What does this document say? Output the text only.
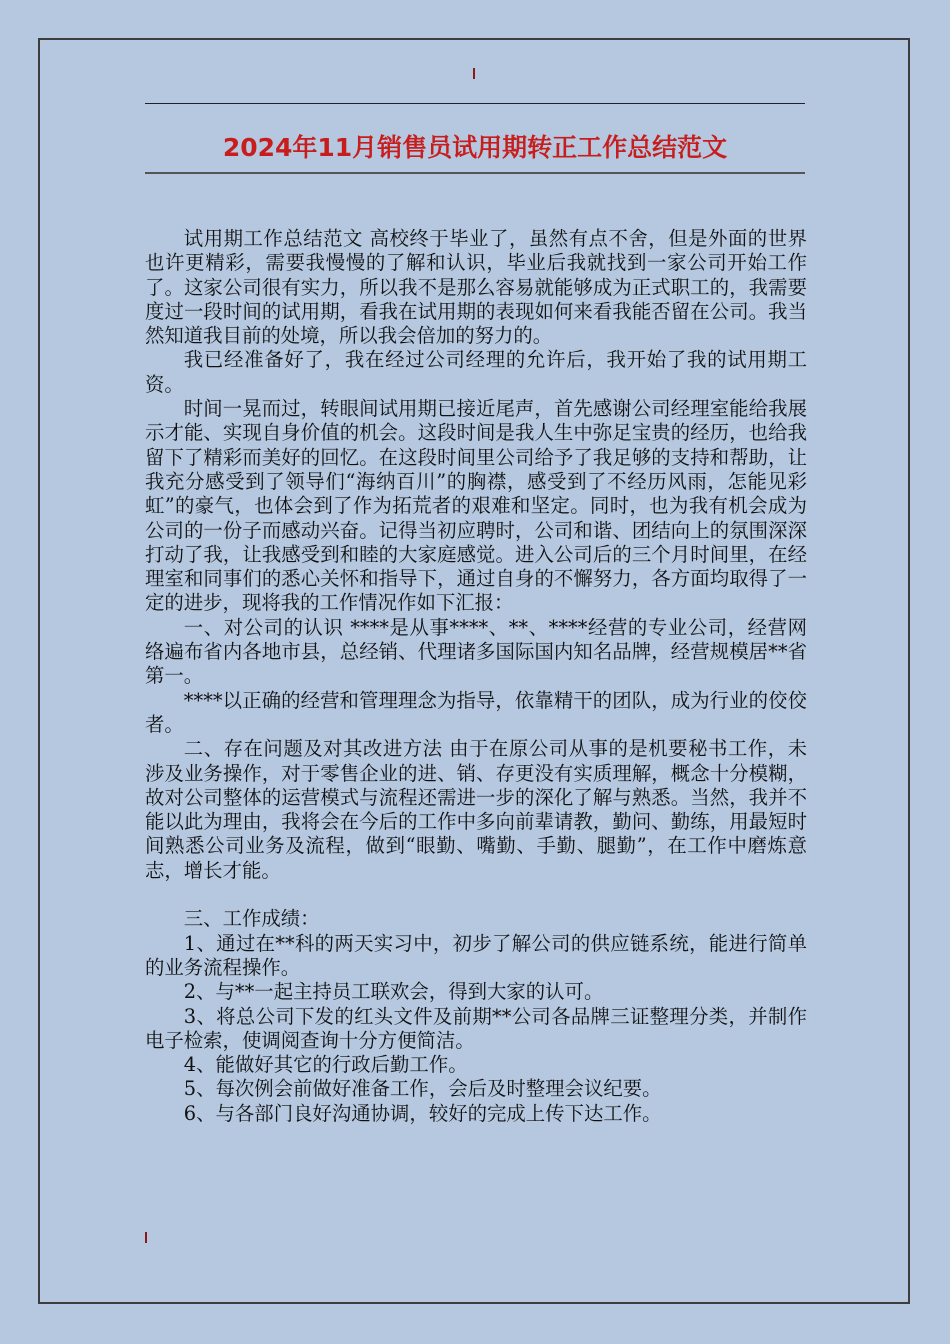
2024年11月销售员试用期转正工作总结范文

试用期工作总结范文 高校终于毕业了，虽然有点不舍，但是外面的世界也许更精彩，需要我慢慢的了解和认识，毕业后我就找到一家公司开始工作了。这家公司很有实力，所以我不是那么容易就能够成为正式职工的，我需要度过一段时间的试用期，看我在试用期的表现如何来看我能否留在公司。我当然知道我目前的处境，所以我会倍加的努力的。

我已经准备好了，我在经过公司经理的允许后，我开始了我的试用期工资。

时间一晃而过，转眼间试用期已接近尾声，首先感谢公司经理室能给我展示才能、实现自身价值的机会。这段时间是我人生中弥足宝贵的经历，也给我留下了精彩而美好的回忆。在这段时间里公司给予了我足够的支持和帮助，让我充分感受到了领导们“海纳百川”的胸襟，感受到了不经历风雨，怎能见彩虹”的豪气，也体会到了作为拓荒者的艰难和坚定。同时，也为我有机会成为公司的一份子而感动兴奋。记得当初应聘时，公司和谐、团结向上的氛围深深打动了我，让我感受到和睦的大家庭感觉。进入公司后的三个月时间里，在经理室和同事们的悉心关怀和指导下，通过自身的不懈努力，各方面均取得了一定的进步，现将我的工作情况作如下汇报：

一、对公司的认识 ****是从事****、**、****经营的专业公司，经营网络遍布省内各地市县，总经销、代理诸多国际国内知名品牌，经营规模居**省第一。

****以正确的经营和管理理念为指导，依靠精干的团队，成为行业的佼佼者。

二、存在问题及对其改进方法 由于在原公司从事的是机要秘书工作，未涉及业务操作，对于零售企业的进、销、存更没有实质理解，概念十分模糊，故对公司整体的运营模式与流程还需进一步的深化了解与熟悉。当然，我并不能以此为理由，我将会在今后的工作中多向前辈请教，勤问、勤练，用最短时间熟悉公司业务及流程，做到“眼勤、嘴勤、手勤、腿勤”，在工作中磨炼意志，增长才能。

三、工作成绩：

1、通过在**科的两天实习中，初步了解公司的供应链系统，能进行简单的业务流程操作。

2、与**一起主持员工联欢会，得到大家的认可。

3、将总公司下发的红头文件及前期**公司各品牌三证整理分类，并制作电子检索，使调阅查询十分方便简洁。

4、能做好其它的行政后勤工作。

5、每次例会前做好准备工作，会后及时整理会议纪要。

6、与各部门良好沟通协调，较好的完成上传下达工作。
